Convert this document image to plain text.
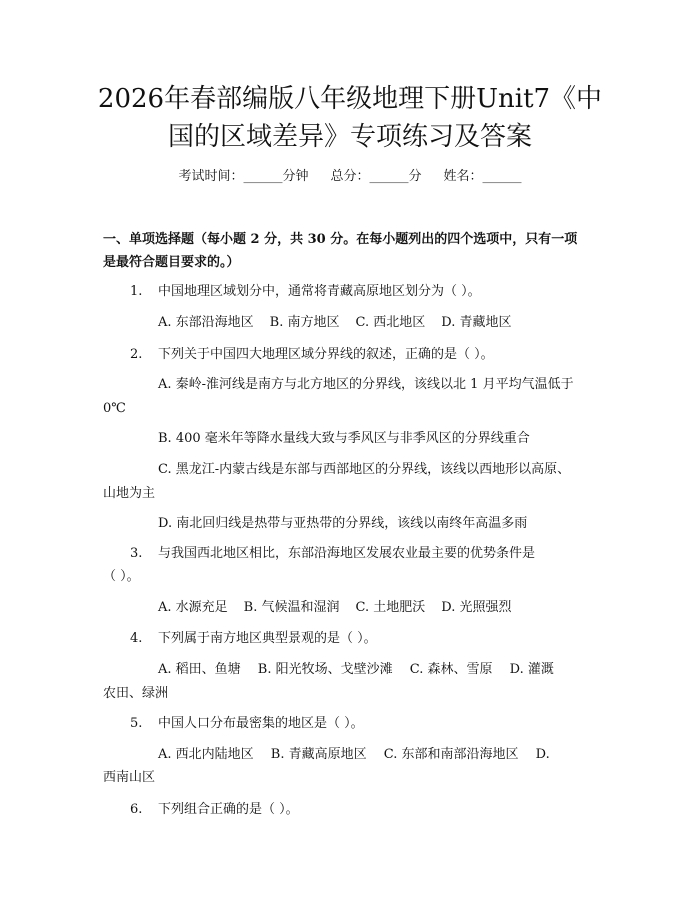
2026年春部编版八年级地理下册Unit7《中
国的区域差异》专项练习及答案
考试时间：______分钟 总分：______分 姓名：______
一、单项选择题（每小题 2 分，共 30 分。在每小题列出的四个选项中，只有一项
是最符合题目要求的。）
1. 中国地理区域划分中，通常将青藏高原地区划分为（ ）。
A. 东部沿海地区 B. 南方地区 C. 西北地区 D. 青藏地区
2. 下列关于中国四大地理区域分界线的叙述，正确的是（ ）。
A. 秦岭-淮河线是南方与北方地区的分界线，该线以北 1 月平均气温低于
0℃
B. 400 毫米年等降水量线大致与季风区与非季风区的分界线重合
C. 黑龙江-内蒙古线是东部与西部地区的分界线，该线以西地形以高原、
山地为主
D. 南北回归线是热带与亚热带的分界线，该线以南终年高温多雨
3. 与我国西北地区相比，东部沿海地区发展农业最主要的优势条件是
（ ）。
A. 水源充足 B. 气候温和湿润 C. 土地肥沃 D. 光照强烈
4. 下列属于南方地区典型景观的是（ ）。
A. 稻田、鱼塘　 B. 阳光牧场、戈壁沙滩　 C. 森林、雪原　 D. 灌溉
农田、绿洲
5. 中国人口分布最密集的地区是（ ）。
A. 西北内陆地区　 B. 青藏高原地区　 C. 东部和南部沿海地区　 D.
西南山区
6. 下列组合正确的是（ ）。
